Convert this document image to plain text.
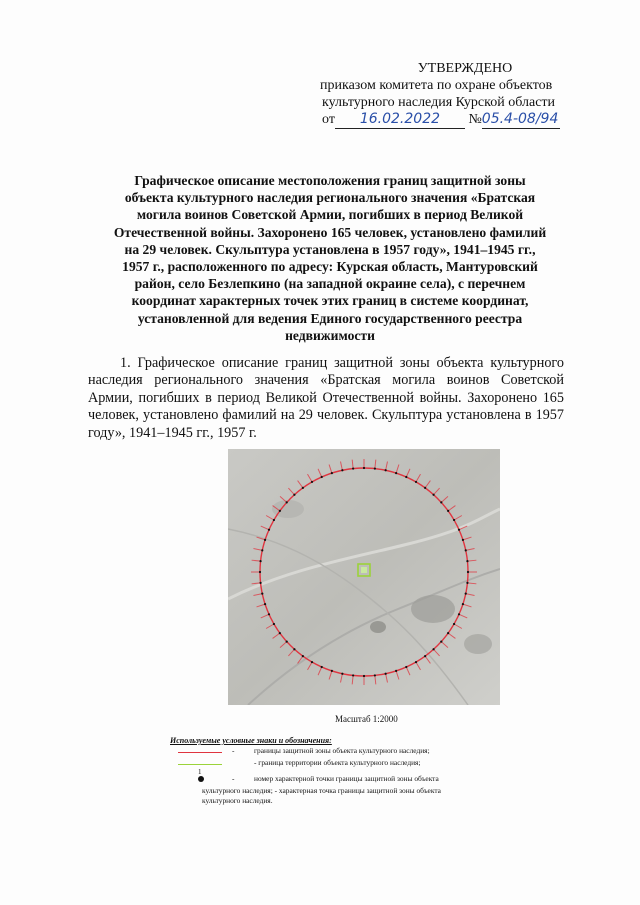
УТВЕРЖДЕНО
приказом комитета по охране объектов
культурного наследия Курской области
от 16.02.2022 №05.4-08/94
Графическое описание местоположения границ защитной зоны
объекта культурного наследия регионального значения «Братская
могила воинов Советской Армии, погибших в период Великой
Отечественной войны. Захоронено 165 человек, установлено фамилий
на 29 человек. Скульптура установлена в 1957 году», 1941–1945 гг.,
1957 г., расположенного по адресу: Курская область, Мантуровский
район, село Безлепкино (на западной окраине села), с перечнем
координат характерных точек этих границ в системе координат,
установленной для ведения Единого государственного реестра
недвижимости
1. Графическое описание границ защитной зоны объекта культурного наследия регионального значения «Братская могила воинов Советской Армии, погибших в период Великой Отечественной войны. Захоронено 165 человек, установлено фамилий на 29 человек. Скульптура установлена в 1957 году», 1941–1945 гг., 1957 г.
Масштаб 1:2000
Используемые условные знаки и обозначения:
-	границы защитной зоны объекта культурного наследия;
- граница территории объекта культурного наследия;
1
-	номер характерной точки границы защитной зоны объекта
культурного наследия; - характерная точка границы защитной зоны объекта
культурного наследия.
